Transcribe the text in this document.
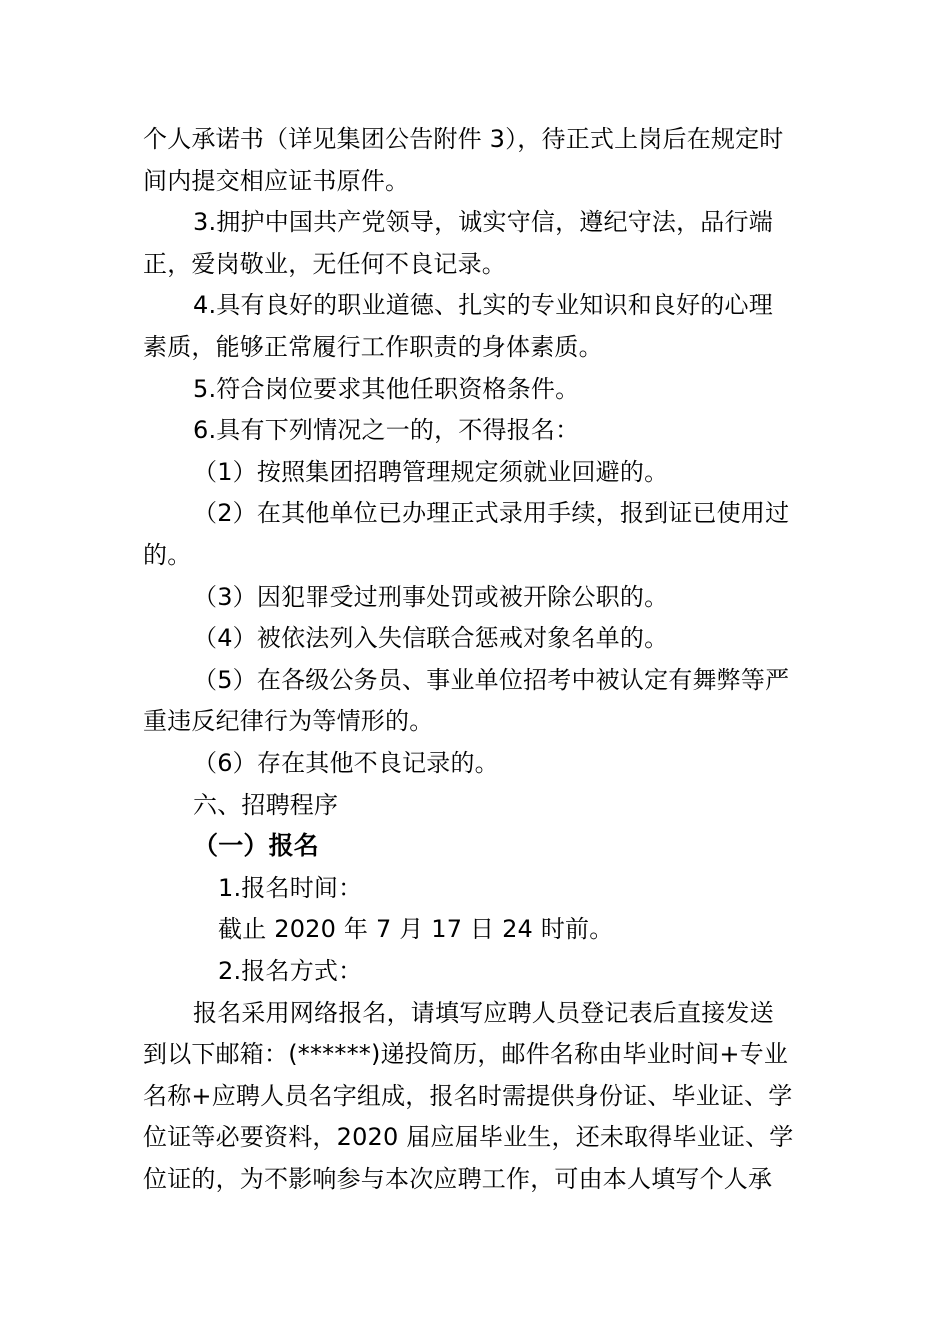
个人承诺书（详见集团公告附件 3），待正式上岗后在规定时
间内提交相应证书原件。
3.拥护中国共产党领导，诚实守信，遵纪守法，品行端
正，爱岗敬业，无任何不良记录。
4.具有良好的职业道德、扎实的专业知识和良好的心理
素质，能够正常履行工作职责的身体素质。
5.符合岗位要求其他任职资格条件。
6.具有下列情况之一的，不得报名：
（1）按照集团招聘管理规定须就业回避的。
（2）在其他单位已办理正式录用手续，报到证已使用过
的。
（3）因犯罪受过刑事处罚或被开除公职的。
（4）被依法列入失信联合惩戒对象名单的。
（5）在各级公务员、事业单位招考中被认定有舞弊等严
重违反纪律行为等情形的。
（6）存在其他不良记录的。
六、招聘程序
（一）报名
1.报名时间：
截止 2020 年 7 月 17 日 24 时前。
2.报名方式：
报名采用网络报名，请填写应聘人员登记表后直接发送
到以下邮箱：(******)递投简历，邮件名称由毕业时间+专业
名称+应聘人员名字组成，报名时需提供身份证、毕业证、学
位证等必要资料，2020 届应届毕业生，还未取得毕业证、学
位证的，为不影响参与本次应聘工作，可由本人填写个人承
